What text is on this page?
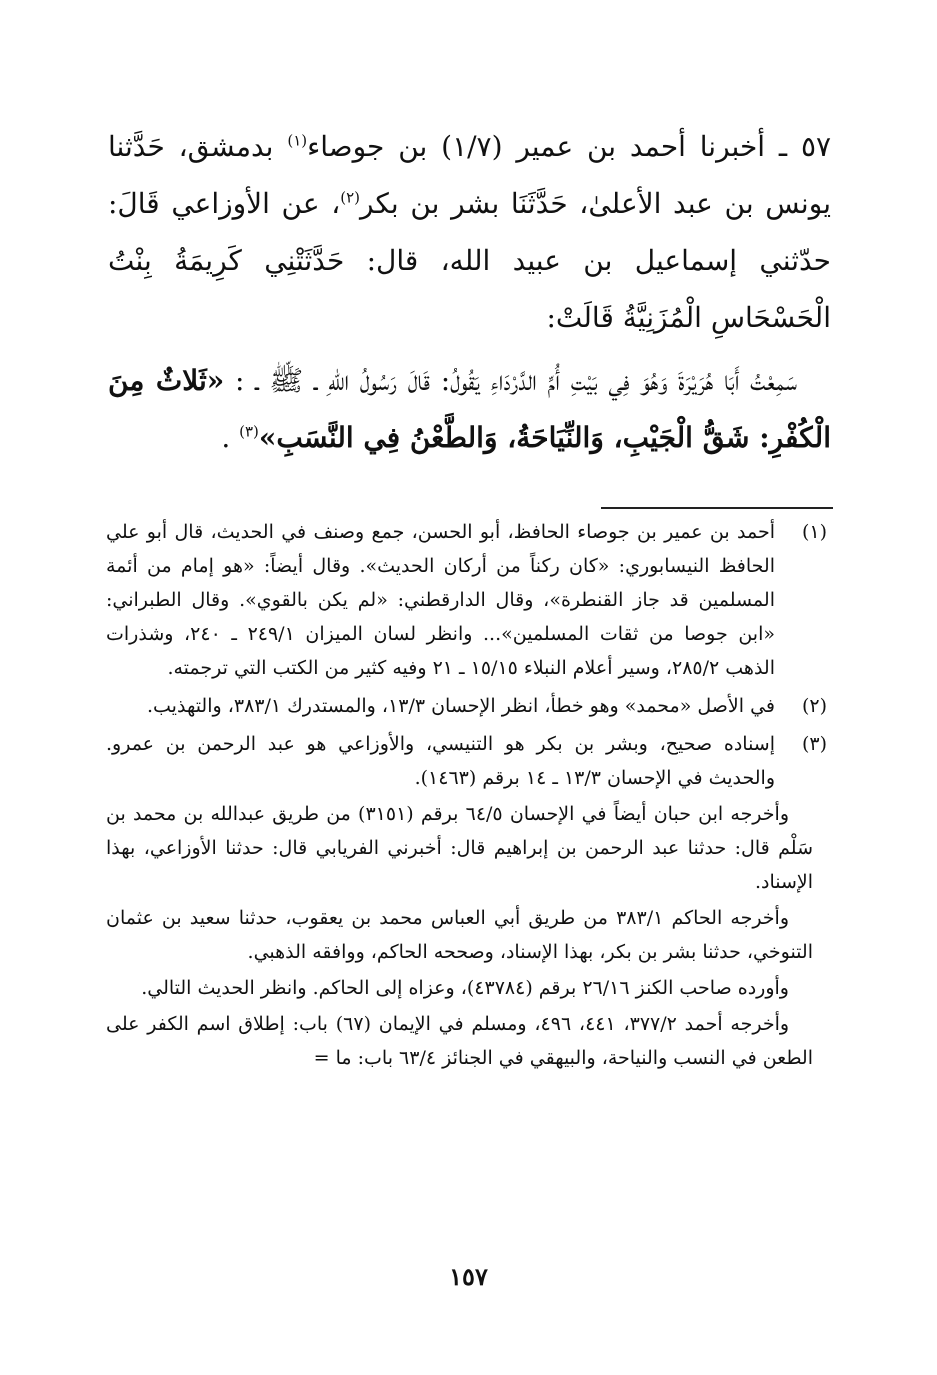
٥٧ ـ أخبرنا أحمد بن عمير (١/٧) بن جوصاء$^{(١)}$ بدمشق، حَدَّثنا يونس بن عبد الأعلىٰ، حَدَّثَنَا بشر بن بكر$^{(٢)}$، عن الأوزاعي قَالَ: حدّثني إسماعيل بن عبيد الله، قال: حَدَّثَتْنِي كَرِيمَةُ بِنْتُ الْحَسْحَاسِ الْمُزَنِيَّةُ قَالَتْ:

سَمِعْتُ أَبَا هُرَيْرَةَ وَهُوَ فِي بَيْتِ أُمِّ الدَّرْدَاءِ يَقُولُ: قَالَ رَسُولُ اللهِ ـ ﷺ ـ : «ثَلاثٌ مِنَ الْكُفْرِ: شَقُّ الْجَيْبِ، وَالنِّيَاحَةُ، وَالطَّعْنُ فِي النَّسَبِ»$^{(٣)}$ .

(١)

أحمد بن عمير بن جوصاء الحافظ، أبو الحسن، جمع وصنف في الحديث، قال أبو علي الحافظ النيسابوري: «كان ركناً من أركان الحديث». وقال أيضاً: «هو إمام من أئمة المسلمين قد جاز القنطرة»، وقال الدارقطني: «لم يكن بالقوي». وقال الطبراني: «ابن جوصا من ثقات المسلمين»... وانظر لسان الميزان ٢٤٩/١ ـ ٢٤٠، وشذرات الذهب ٢٨٥/٢، وسير أعلام النبلاء ١٥/١٥ ـ ٢١ وفيه كثير من الكتب التي ترجمته.

(٢)

في الأصل «محمد» وهو خطأ، انظر الإحسان ١٣/٣، والمستدرك ٣٨٣/١، والتهذيب.

(٣)

إسناده صحيح، وبشر بن بكر هو التنيسي، والأوزاعي هو عبد الرحمن بن عمرو. والحديث في الإحسان ١٣/٣ ـ ١٤ برقم (١٤٦٣).

وأخرجه ابن حبان أيضاً في الإحسان ٦٤/٥ برقم (٣١٥١) من طريق عبدالله بن محمد بن سَلْم قال: حدثنا عبد الرحمن بن إبراهيم قال: أخبرني الفريابي قال: حدثنا الأوزاعي، بهذا الإسناد.

وأخرجه الحاكم ٣٨٣/١ من طريق أبي العباس محمد بن يعقوب، حدثنا سعيد بن عثمان التنوخي، حدثنا بشر بن بكر، بهذا الإسناد، وصححه الحاكم، ووافقه الذهبي.

وأورده صاحب الكنز ٢٦/١٦ برقم (٤٣٧٨٤)، وعزاه إلى الحاكم. وانظر الحديث التالي.

وأخرجه أحمد ٣٧٧/٢، ٤٤١، ٤٩٦، ومسلم في الإيمان (٦٧) باب: إطلاق اسم الكفر على الطعن في النسب والنياحة، والبيهقي في الجنائز ٦٣/٤ باب: ما =

١٥٧
